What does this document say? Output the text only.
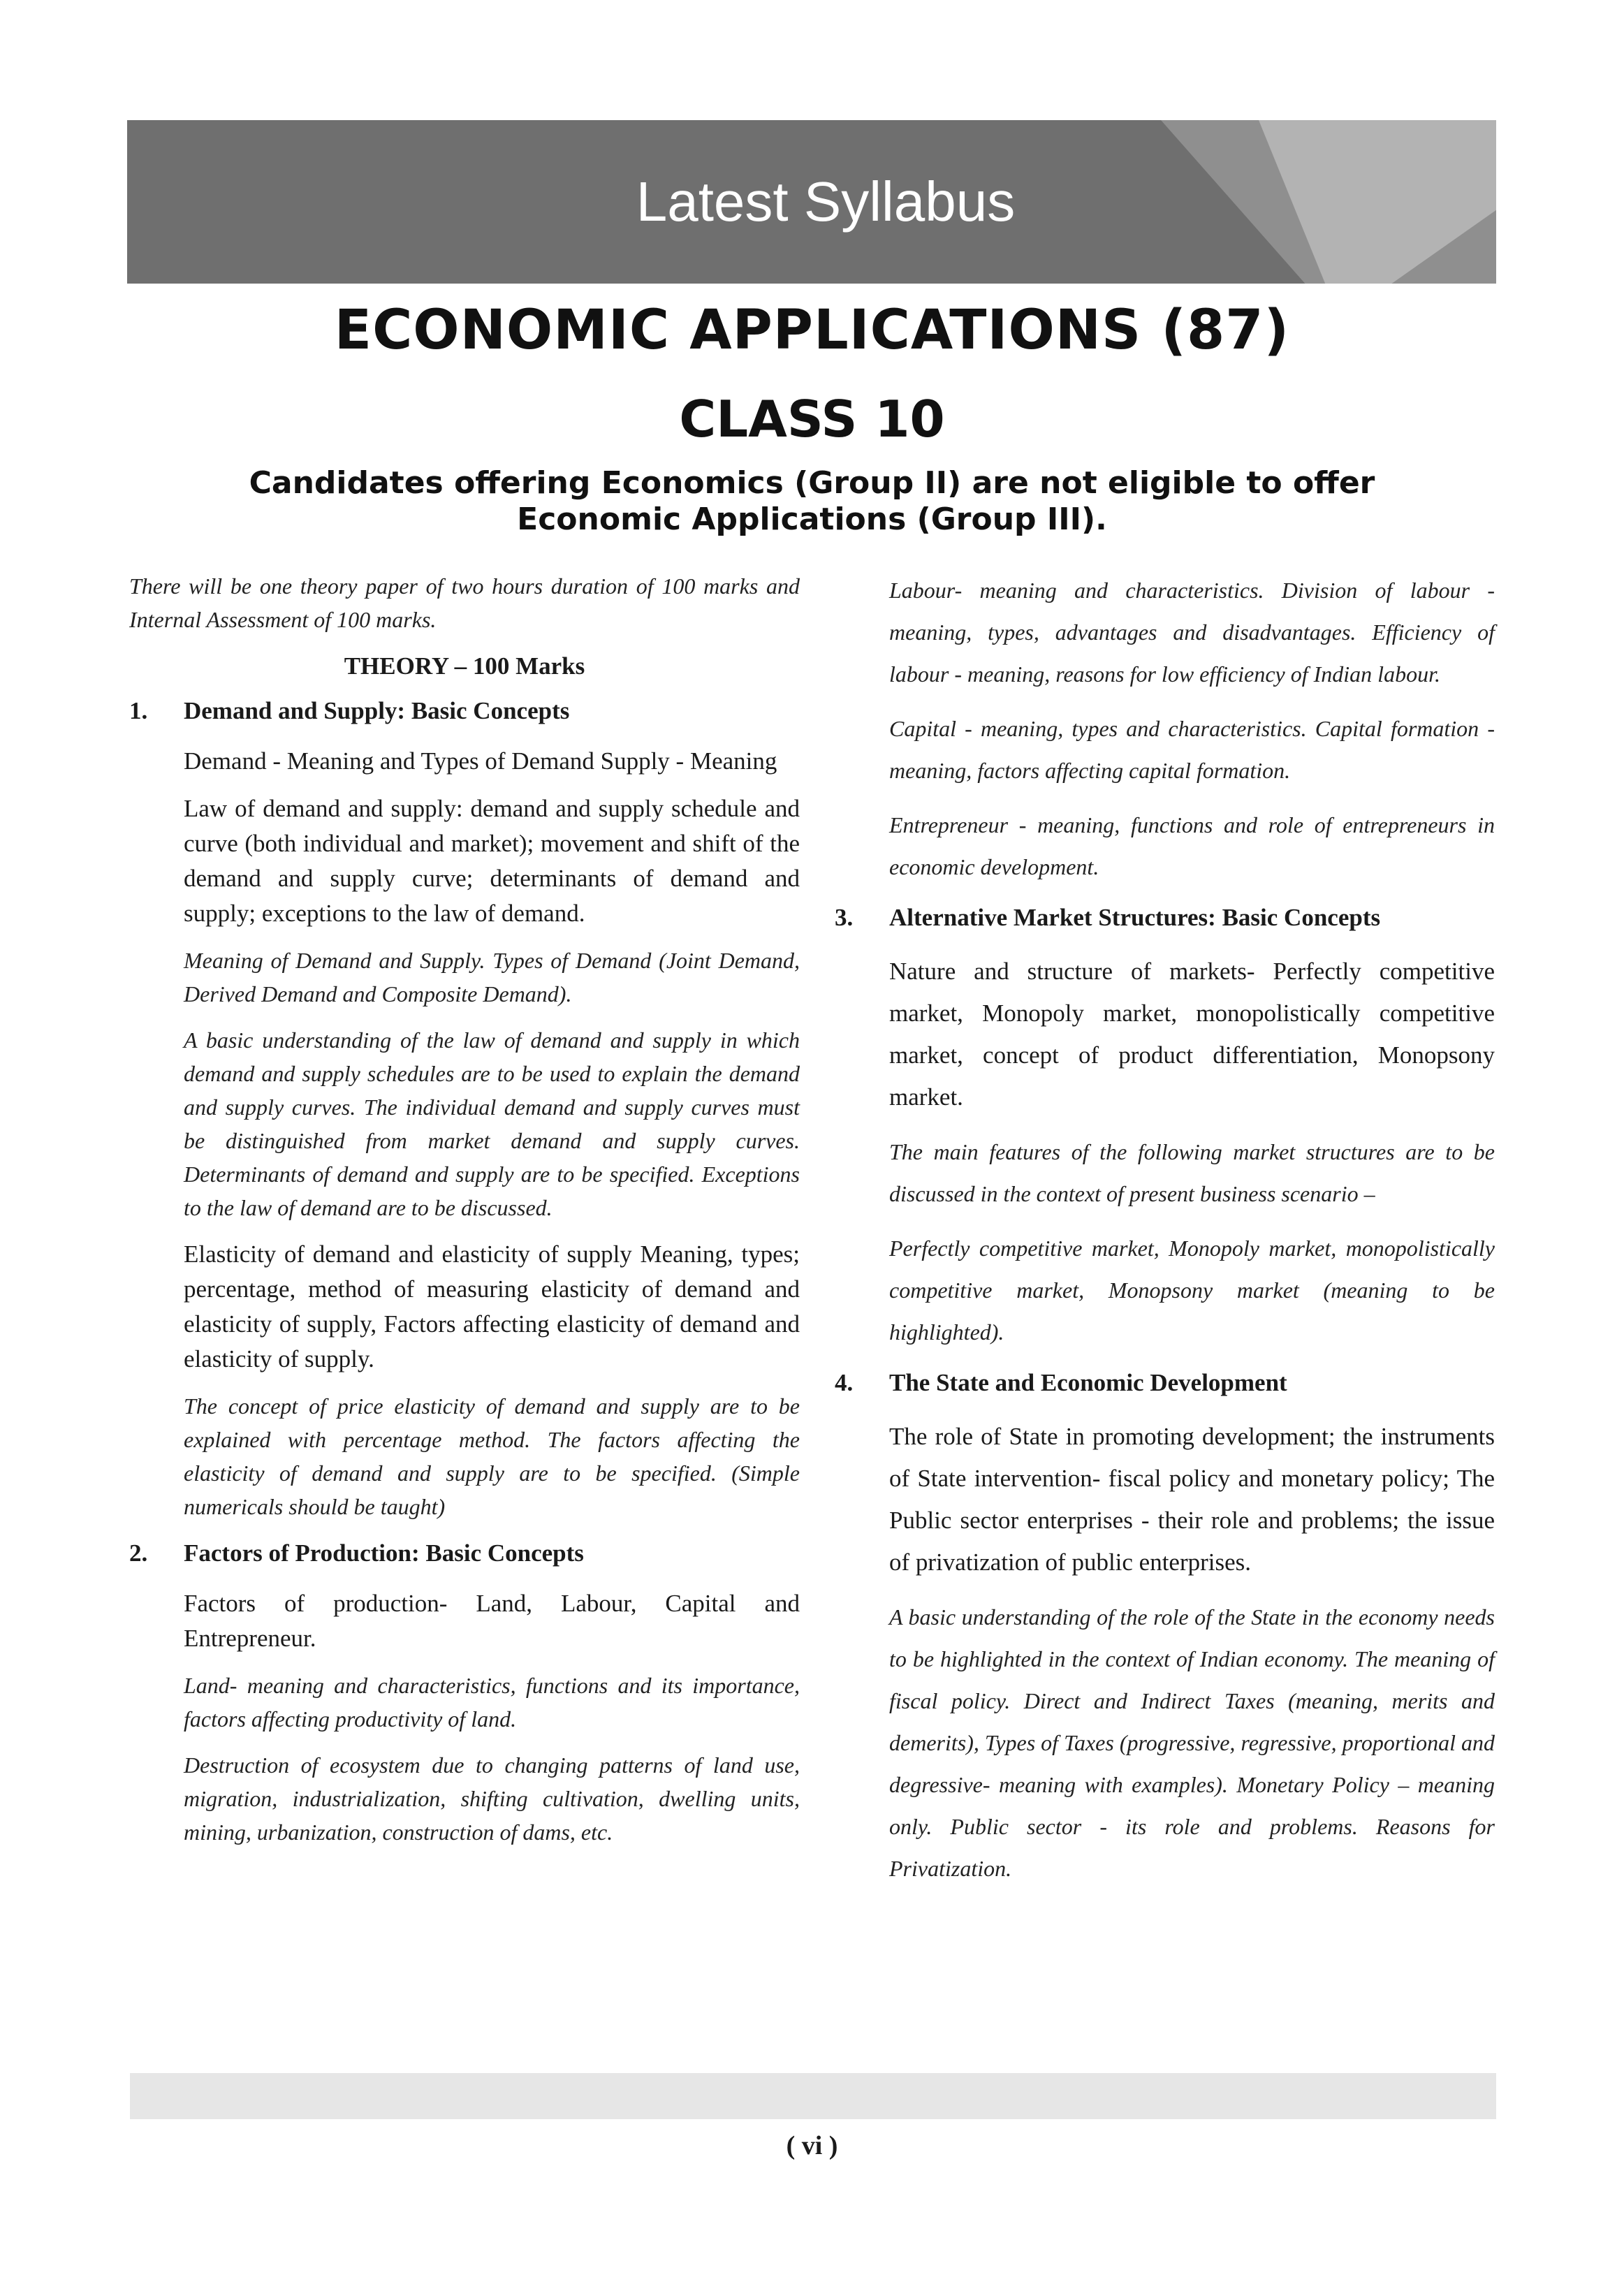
Latest Syllabus
ECONOMIC APPLICATIONS (87)
CLASS 10
Candidates offering Economics (Group II) are not eligible to offer
Economic Applications (Group III).

There will be one theory paper of two hours duration of 100 marks and Internal Assessment of 100 marks.

THEORY – 100 Marks
1.	Demand and Supply: Basic Concepts

Demand - Meaning and Types of Demand Supply - Meaning

Law of demand and supply: demand and supply schedule and curve (both individual and market); movement and shift of the demand and supply curve; determinants of demand and supply; exceptions to the law of demand.

Meaning of Demand and Supply. Types of Demand (Joint Demand, Derived Demand and Composite Demand).

A basic understanding of the law of demand and supply in which demand and supply schedules are to be used to explain the demand and supply curves. The individual demand and supply curves must be distinguished from market demand and supply curves. Determinants of demand and supply are to be specified. Exceptions to the law of demand are to be discussed.

Elasticity of demand and elasticity of supply Meaning, types; percentage, method of measuring elasticity of demand and elasticity of supply, Factors affecting elasticity of demand and elasticity of supply.

The concept of price elasticity of demand and supply are to be explained with percentage method. The factors affecting the elasticity of demand and supply are to be specified. (Simple numericals should be taught)

2.	Factors of Production: Basic Concepts

Factors of production- Land, Labour, Capital and Entrepreneur.

Land- meaning and characteristics, functions and its importance, factors affecting productivity of land.

Destruction of ecosystem due to changing patterns of land use, migration, industrialization, shifting cultivation, dwelling units, mining, urbanization, construction of dams, etc.

Labour- meaning and characteristics. Division of labour - meaning, types, advantages and disadvantages. Efficiency of labour - meaning, reasons for low efficiency of Indian labour.

Capital - meaning, types and characteristics. Capital formation - meaning, factors affecting capital formation.

Entrepreneur - meaning, functions and role of entrepreneurs in economic development.

3.	Alternative Market Structures: Basic Concepts

Nature and structure of markets- Perfectly competitive market, Monopoly market, monopolistically competitive market, concept of product differentiation, Monopsony market.

The main features of the following market structures are to be discussed in the context of present business scenario –

Perfectly competitive market, Monopoly market, monopolistically competitive market, Monopsony market (meaning to be highlighted).

4.	The State and Economic Development

The role of State in promoting development; the instruments of State intervention- fiscal policy and monetary policy; The Public sector enterprises - their role and problems; the issue of privatization of public enterprises.

A basic understanding of the role of the State in the economy needs to be highlighted in the context of Indian economy. The meaning of fiscal policy. Direct and Indirect Taxes (meaning, merits and demerits), Types of Taxes (progressive, regressive, proportional and degressive- meaning with examples). Monetary Policy – meaning only. Public sector - its role and problems. Reasons for Privatization.

( vi )
